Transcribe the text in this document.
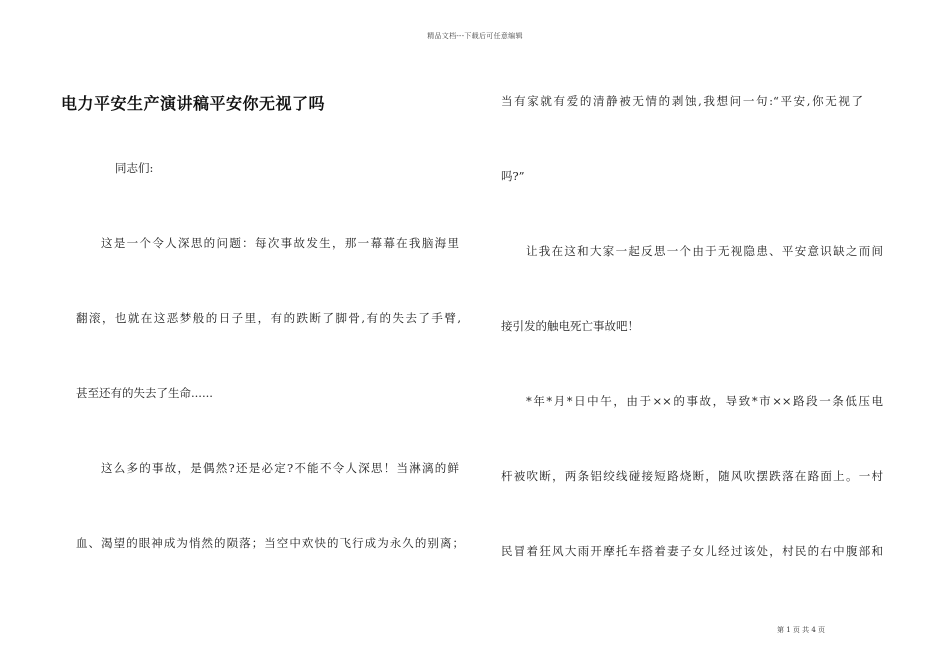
精品文档---下载后可任意编辑
电力平安生产演讲稿平安你无视了吗
同志们:
这是一个令人深思的问题：每次事故发生，那一幕幕在我脑海里
翻滚，也就在这恶梦般的日子里，有的跌断了脚骨,有的失去了手臂,
甚至还有的失去了生命......
这么多的事故，是偶然?还是必定?不能不令人深思！当淋漓的鲜
血、渴望的眼神成为悄然的陨落；当空中欢快的飞行成为永久的别离；
当有家就有爱的清静被无情的剥蚀,我想问一句:“平安,你无视了
吗?”
让我在这和大家一起反思一个由于无视隐患、平安意识缺之而间
接引发的触电死亡事故吧！
*年*月*日中午，由于××的事故，导致*市××路段一条低压电
杆被吹断，两条铝绞线碰接短路烧断，随风吹摆跌落在路面上。一村
民冒着狂风大雨开摩托车搭着妻子女儿经过该处，村民的右中腹部和
第 1 页 共 4 页
